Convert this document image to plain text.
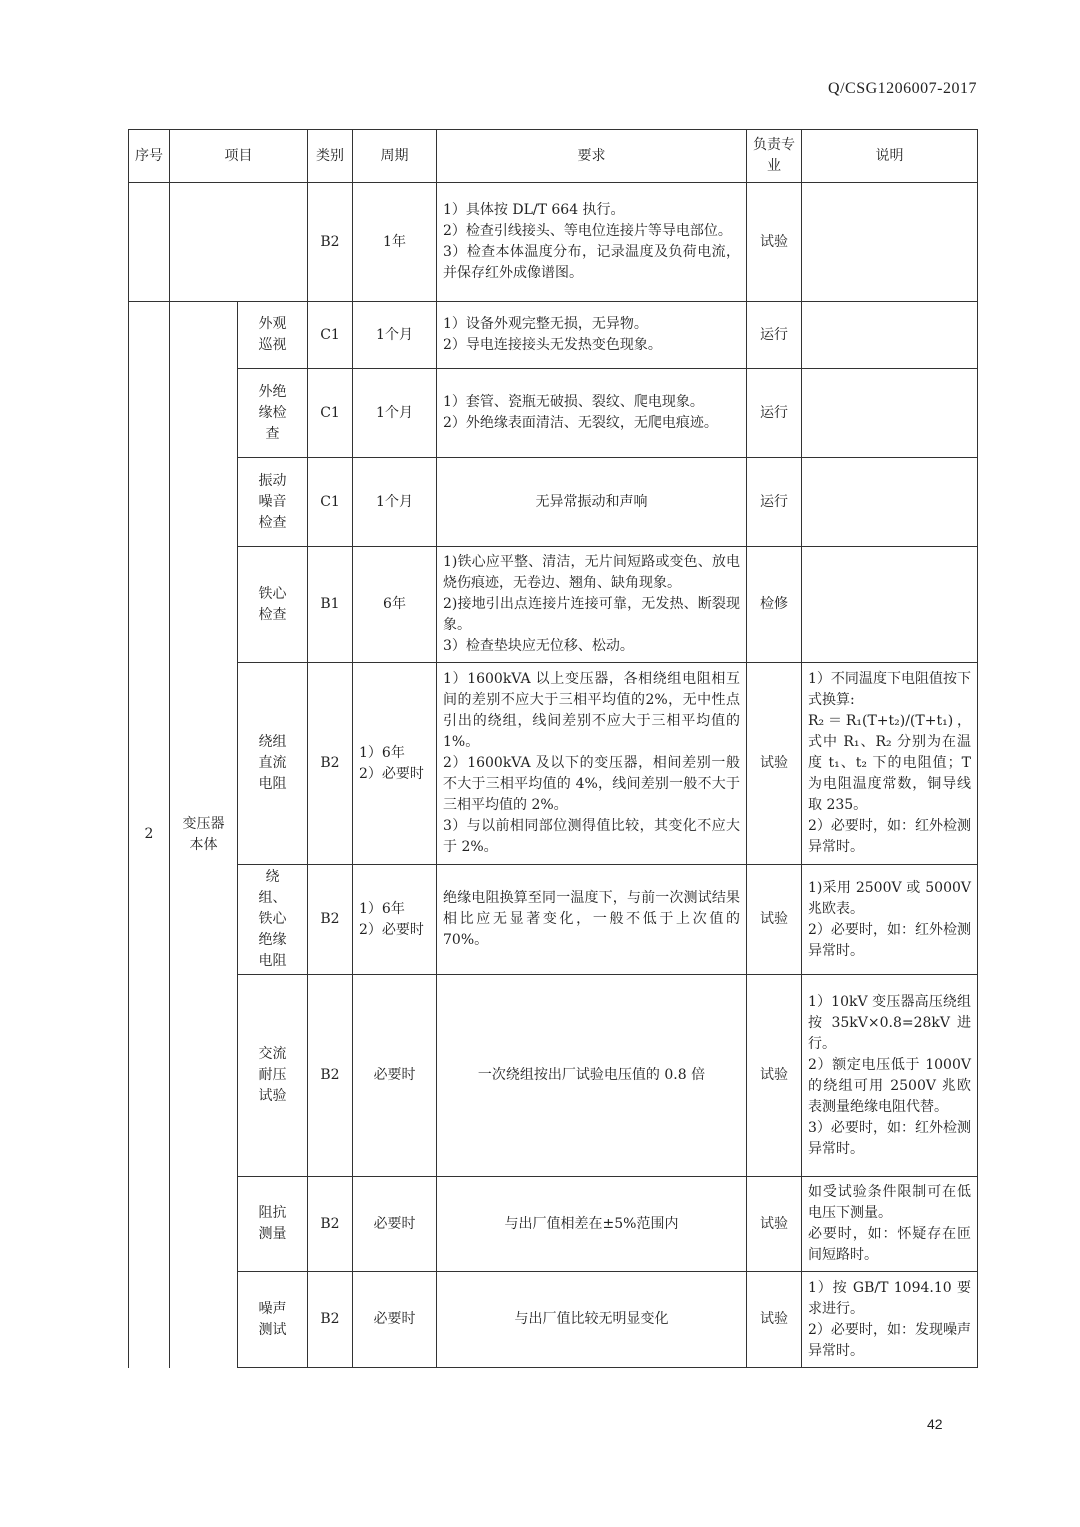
Q/CSG1206007-2017
序号	项目		类别	周期	要求	负责专业	说明
			B2	1年	1）具体按 DL/T 664 执行。
2）检查引线接头、等电位连接片等导电部位。
3）检查本体温度分布，记录温度及负荷电流，并保存红外成像谱图。	试验	
2	变压器本体	外观巡视	C1	1个月	1）设备外观完整无损，无异物。
2）导电连接接头无发热变色现象。	运行	
		外绝缘检查	C1	1个月	1）套管、瓷瓶无破损、裂纹、爬电现象。
2）外绝缘表面清洁、无裂纹，无爬电痕迹。	运行	
		振动噪音检查	C1	1个月	无异常振动和声响	运行	
		铁心检查	B1	6年	1)铁心应平整、清洁，无片间短路或变色、放电烧伤痕迹，无卷边、翘角、缺角现象。
2)接地引出点连接片连接可靠，无发热、断裂现象。
3）检查垫块应无位移、松动。	检修	
		绕组直流电阻	B2	1）6年
2）必要时	1）1600kVA 以上变压器，各相绕组电阻相互间的差别不应大于三相平均值的2%，无中性点引出的绕组，线间差别不应大于三相平均值的 1%。
2）1600kVA 及以下的变压器，相间差别一般不大于三相平均值的 4%，线间差别一般不大于三相平均值的 2%。
3）与以前相同部位测得值比较，其变化不应大于 2%。	试验	1）不同温度下电阻值按下式换算:
R₂＝R₁(T+t₂)/(T+t₁)，式中 R₁、R₂ 分别为在温度 t₁、t₂ 下的电阻值；T 为电阻温度常数，铜导线取 235。
2）必要时，如：红外检测异常时。
		绕组、铁心绝缘电阻	B2	1）6年
2）必要时	绝缘电阻换算至同一温度下，与前一次测试结果相比应无显著变化，一般不低于上次值的 70%。	试验	1)采用 2500V 或 5000V 兆欧表。
2）必要时，如：红外检测异常时。
		交流耐压试验	B2	必要时	一次绕组按出厂试验电压值的 0.8 倍	试验	1）10kV 变压器高压绕组按 35kV×0.8=28kV 进行。
2）额定电压低于 1000V 的绕组可用 2500V 兆欧表测量绝缘电阻代替。
3）必要时，如：红外检测异常时。
		阻抗测量	B2	必要时	与出厂值相差在±5%范围内	试验	如受试验条件限制可在低电压下测量。
必要时，如：怀疑存在匝间短路时。
		噪声测试	B2	必要时	与出厂值比较无明显变化	试验	1）按 GB/T 1094.10 要求进行。
2）必要时，如：发现噪声异常时。
42
